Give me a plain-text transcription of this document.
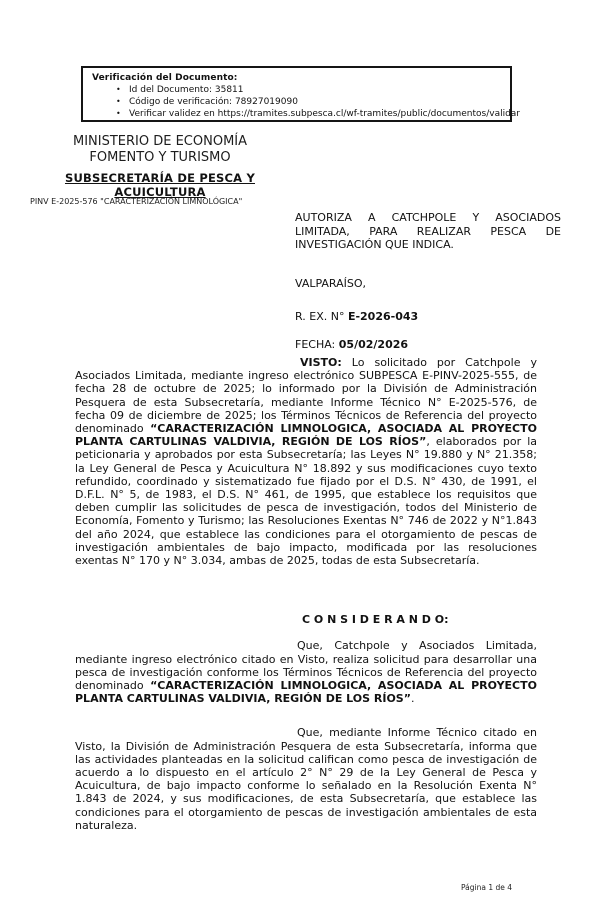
Verificación del Documento:
• Id del Documento: 35811
• Código de verificación: 78927019090
• Verificar validez en https://tramites.subpesca.cl/wf-tramites/public/documentos/validar
MINISTERIO DE ECONOMÍA
FOMENTO Y TURISMO
SUBSECRETARÍA DE PESCA Y
ACUICULTURA
PINV E-2025-576 "CARACTERIZACIÓN LIMNOLÓGICA"
AUTORIZA A CATCHPOLE Y ASOCIADOS LIMITADA, PARA REALIZAR PESCA DE INVESTIGACIÓN QUE INDICA.
VALPARAÍSO,
R. EX. N° E-2026-043
FECHA: 05/02/2026

VISTO: Lo solicitado por Catchpole y Asociados Limitada, mediante ingreso electrónico SUBPESCA E-PINV-2025-555, de fecha 28 de octubre de 2025; lo informado por la División de Administración Pesquera de esta Subsecretaría, mediante Informe Técnico N° E-2025-576, de fecha 09 de diciembre de 2025; los Términos Técnicos de Referencia del proyecto denominado “CARACTERIZACIÓN LIMNOLOGICA, ASOCIADA AL PROYECTO PLANTA CARTULINAS VALDIVIA, REGIÓN DE LOS RÍOS”, elaborados por la peticionaria y aprobados por esta Subsecretaría; las Leyes N° 19.880 y N° 21.358; la Ley General de Pesca y Acuicultura N° 18.892 y sus modificaciones cuyo texto refundido, coordinado y sistematizado fue fijado por el D.S. N° 430, de 1991, el D.F.L. N° 5, de 1983, el D.S. N° 461, de 1995, que establece los requisitos que deben cumplir las solicitudes de pesca de investigación, todos del Ministerio de Economía, Fomento y Turismo; las Resoluciones Exentas N° 746 de 2022 y N°1.843 del año 2024, que establece las condiciones para el otorgamiento de pescas de investigación ambientales de bajo impacto, modificada por las resoluciones exentas N° 170 y N° 3.034, ambas de 2025, todas de esta Subsecretaría.

C O N S I D E R A N D O:

Que, Catchpole y Asociados Limitada, mediante ingreso electrónico citado en Visto, realiza solicitud para desarrollar una pesca de investigación conforme los Términos Técnicos de Referencia del proyecto denominado “CARACTERIZACIÓN LIMNOLOGICA, ASOCIADA AL PROYECTO PLANTA CARTULINAS VALDIVIA, REGIÓN DE LOS RÍOS”.

Que, mediante Informe Técnico citado en Visto, la División de Administración Pesquera de esta Subsecretaría, informa que las actividades planteadas en la solicitud califican como pesca de investigación de acuerdo a lo dispuesto en el artículo 2° N° 29 de la Ley General de Pesca y Acuicultura, de bajo impacto conforme lo señalado en la Resolución Exenta N° 1.843 de 2024, y sus modificaciones, de esta Subsecretaría, que establece las condiciones para el otorgamiento de pescas de investigación ambientales de esta naturaleza.

Página 1 de 4
